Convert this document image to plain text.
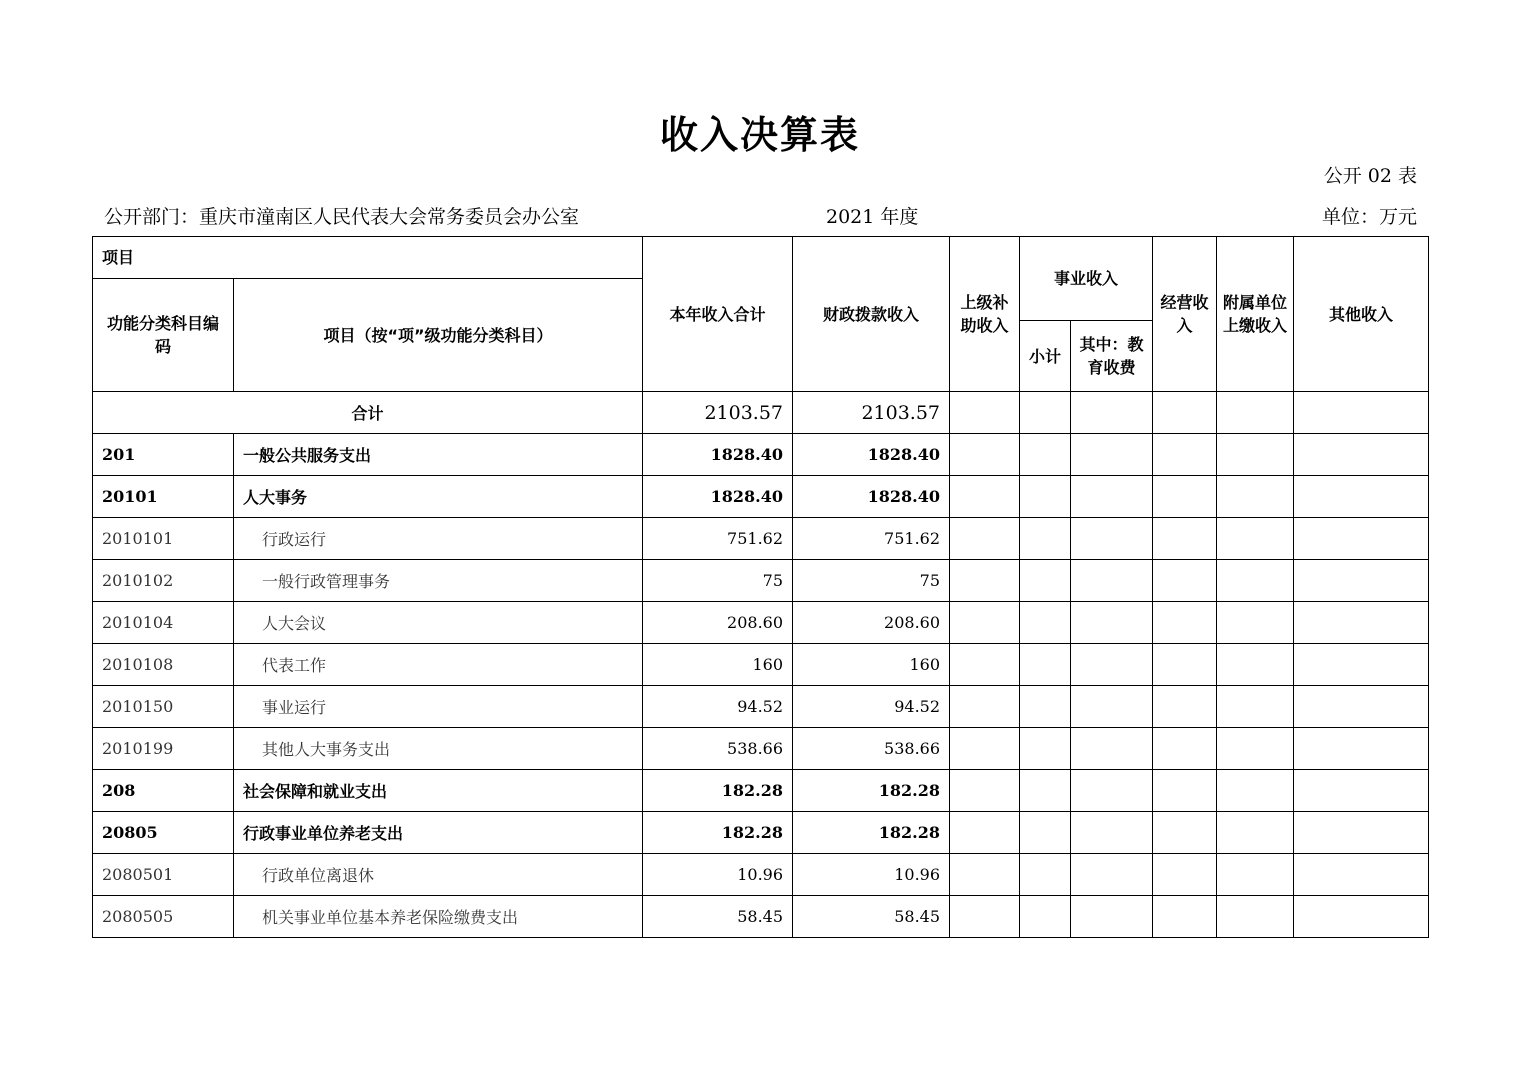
收入决算表
公开 02 表
公开部门：重庆市潼南区人民代表大会常务委员会办公室	2021 年度	单位：万元
项目		本年收入合计	财政拨款收入	上级补助收入	事业收入		经营收入	附属单位上缴收入	其他收入
功能分类科目编码	项目（按“项”级功能分类科目）								
					小计	其中：教育收费			
合计		2103.57	2103.57						
201	一般公共服务支出	1828.40	1828.40						
20101	人大事务	1828.40	1828.40						
2010101	行政运行	751.62	751.62						
2010102	一般行政管理事务	75	75						
2010104	人大会议	208.60	208.60						
2010108	代表工作	160	160						
2010150	事业运行	94.52	94.52						
2010199	其他人大事务支出	538.66	538.66						
208	社会保障和就业支出	182.28	182.28						
20805	行政事业单位养老支出	182.28	182.28						
2080501	行政单位离退休	10.96	10.96						
2080505	机关事业单位基本养老保险缴费支出	58.45	58.45						
